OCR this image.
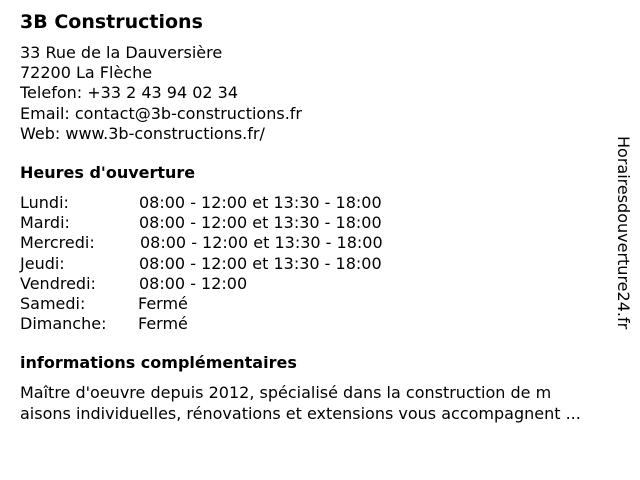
3B Constructions
33 Rue de la Dauversière
72200 La Flèche
Telefon: +33 2 43 94 02 34
Email: contact@3b-constructions.fr
Web: www.3b-constructions.fr/
Heures d'ouverture
Lundi:	08:00 - 12:00 et 13:30 - 18:00
Mardi:	08:00 - 12:00 et 13:30 - 18:00
Mercredi:	08:00 - 12:00 et 13:30 - 18:00
Jeudi:	08:00 - 12:00 et 13:30 - 18:00
Vendredi:	08:00 - 12:00
Samedi:	Fermé
Dimanche: Fermé
informations complémentaires
Maître d'oeuvre depuis 2012, spécialisé dans la construction de m
aisons individuelles, rénovations et extensions vous accompagnent ...
Horairesdouverture24.fr
